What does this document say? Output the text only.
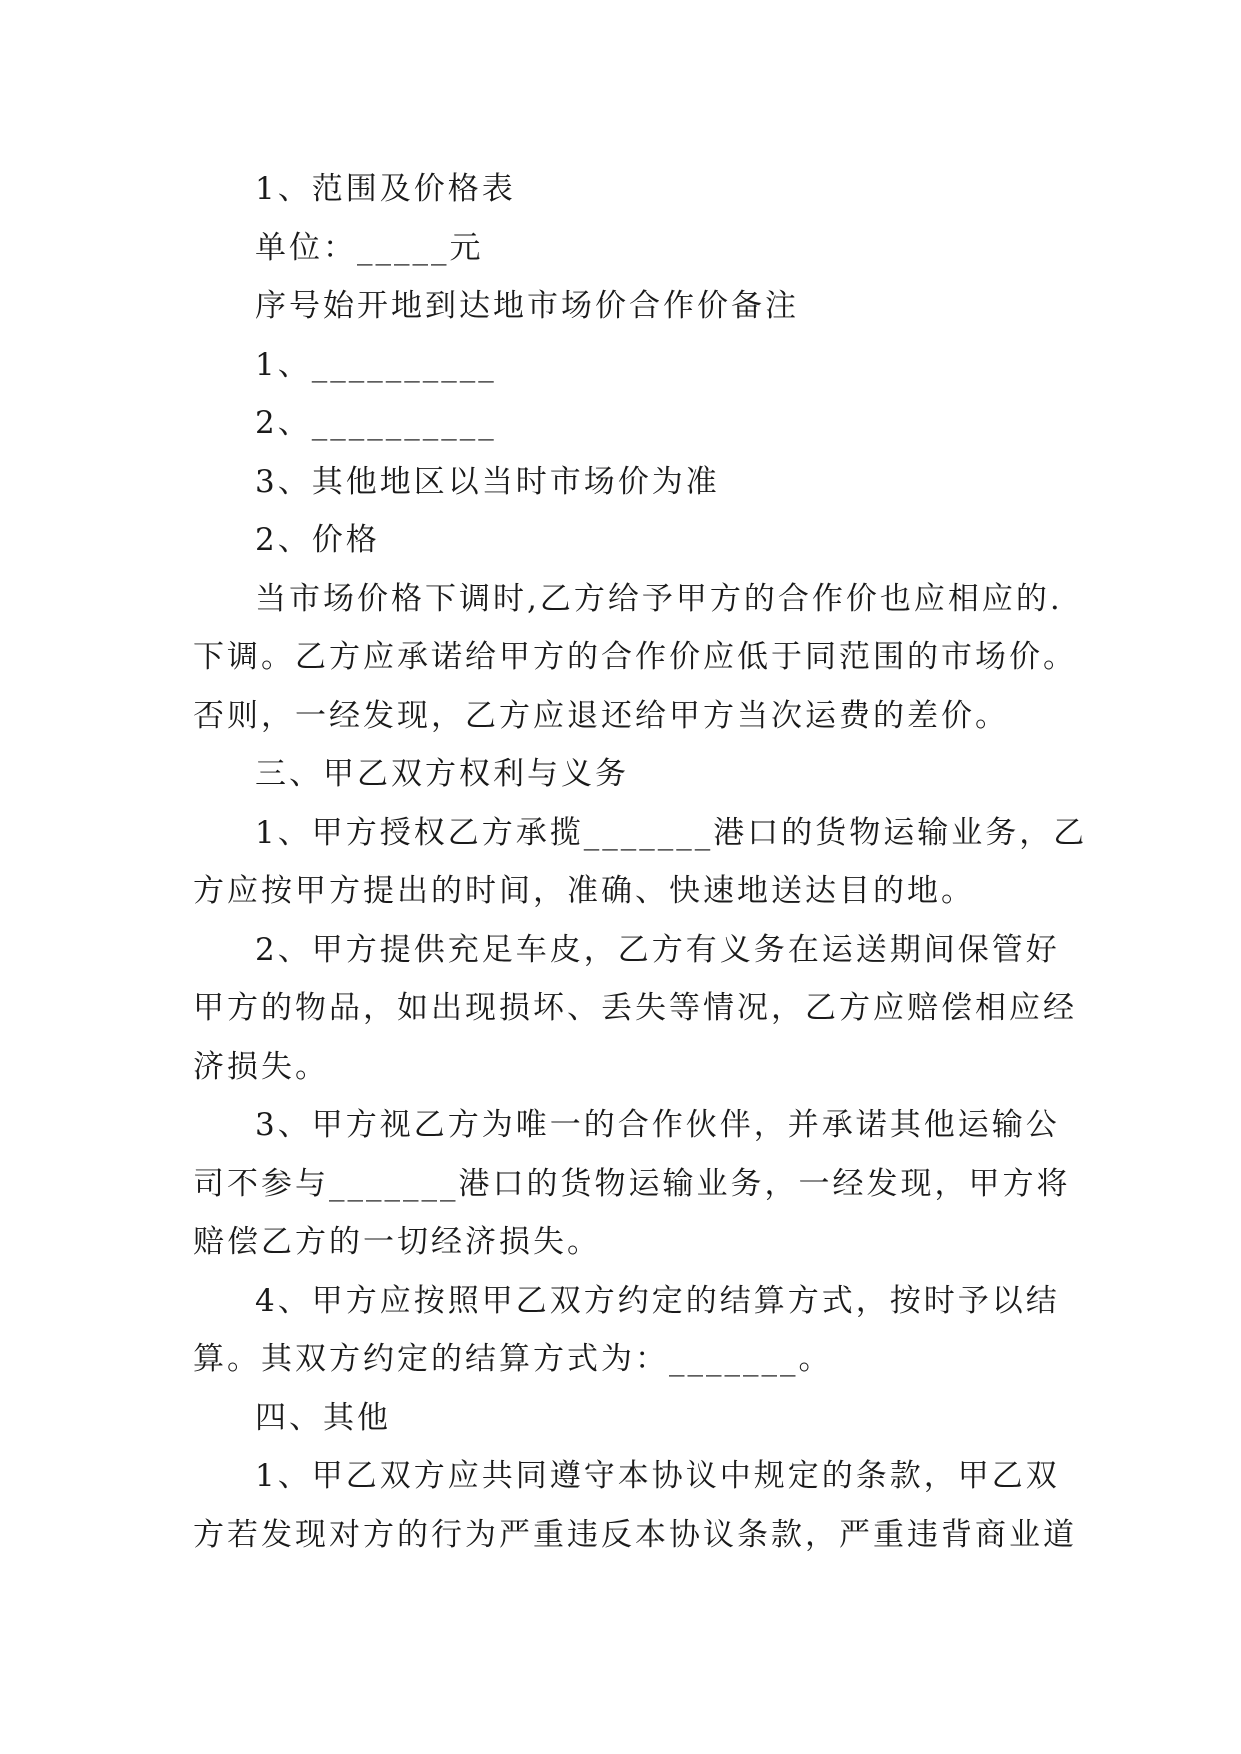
1、范围及价格表
单位：_____元
序号始开地到达地市场价合作价备注
1、__________
2、__________
3、其他地区以当时市场价为准
2、价格
当市场价格下调时,乙方给予甲方的合作价也应相应的.
下调。乙方应承诺给甲方的合作价应低于同范围的市场价。
否则，一经发现，乙方应退还给甲方当次运费的差价。
三、甲乙双方权利与义务
1、甲方授权乙方承揽_______港口的货物运输业务，乙
方应按甲方提出的时间，准确、快速地送达目的地。
2、甲方提供充足车皮，乙方有义务在运送期间保管好
甲方的物品，如出现损坏、丢失等情况，乙方应赔偿相应经
济损失。
3、甲方视乙方为唯一的合作伙伴，并承诺其他运输公
司不参与_______港口的货物运输业务，一经发现，甲方将
赔偿乙方的一切经济损失。
4、甲方应按照甲乙双方约定的结算方式，按时予以结
算。其双方约定的结算方式为：_______。
四、其他
1、甲乙双方应共同遵守本协议中规定的条款，甲乙双
方若发现对方的行为严重违反本协议条款，严重违背商业道
